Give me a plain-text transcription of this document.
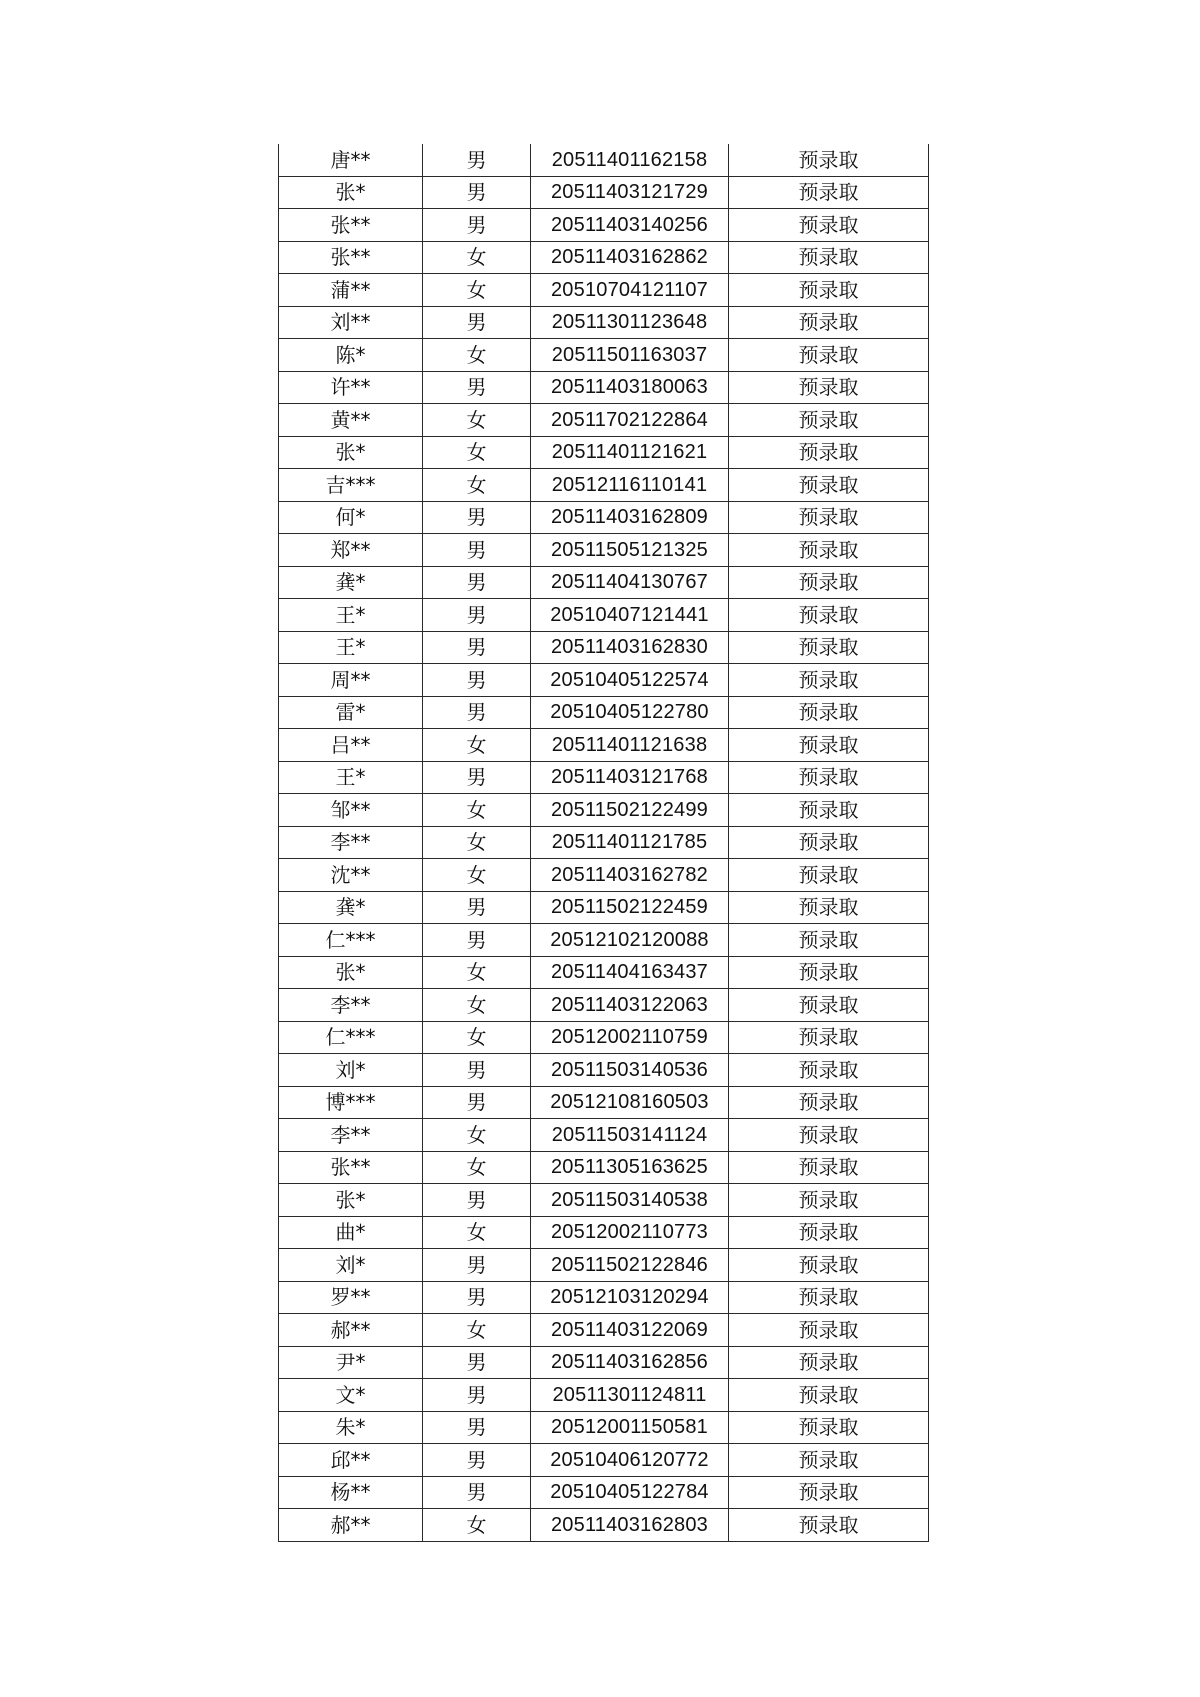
唐**	男	20511401162158	预录取
张*	男	20511403121729	预录取
张**	男	20511403140256	预录取
张**	女	20511403162862	预录取
蒲**	女	20510704121107	预录取
刘**	男	20511301123648	预录取
陈*	女	20511501163037	预录取
许**	男	20511403180063	预录取
黄**	女	20511702122864	预录取
张*	女	20511401121621	预录取
吉***	女	20512116110141	预录取
何*	男	20511403162809	预录取
郑**	男	20511505121325	预录取
龚*	男	20511404130767	预录取
王*	男	20510407121441	预录取
王*	男	20511403162830	预录取
周**	男	20510405122574	预录取
雷*	男	20510405122780	预录取
吕**	女	20511401121638	预录取
王*	男	20511403121768	预录取
邹**	女	20511502122499	预录取
李**	女	20511401121785	预录取
沈**	女	20511403162782	预录取
龚*	男	20511502122459	预录取
仁***	男	20512102120088	预录取
张*	女	20511404163437	预录取
李**	女	20511403122063	预录取
仁***	女	20512002110759	预录取
刘*	男	20511503140536	预录取
博***	男	20512108160503	预录取
李**	女	20511503141124	预录取
张**	女	20511305163625	预录取
张*	男	20511503140538	预录取
曲*	女	20512002110773	预录取
刘*	男	20511502122846	预录取
罗**	男	20512103120294	预录取
郝**	女	20511403122069	预录取
尹*	男	20511403162856	预录取
文*	男	20511301124811	预录取
朱*	男	20512001150581	预录取
邱**	男	20510406120772	预录取
杨**	男	20510405122784	预录取
郝**	女	20511403162803	预录取
